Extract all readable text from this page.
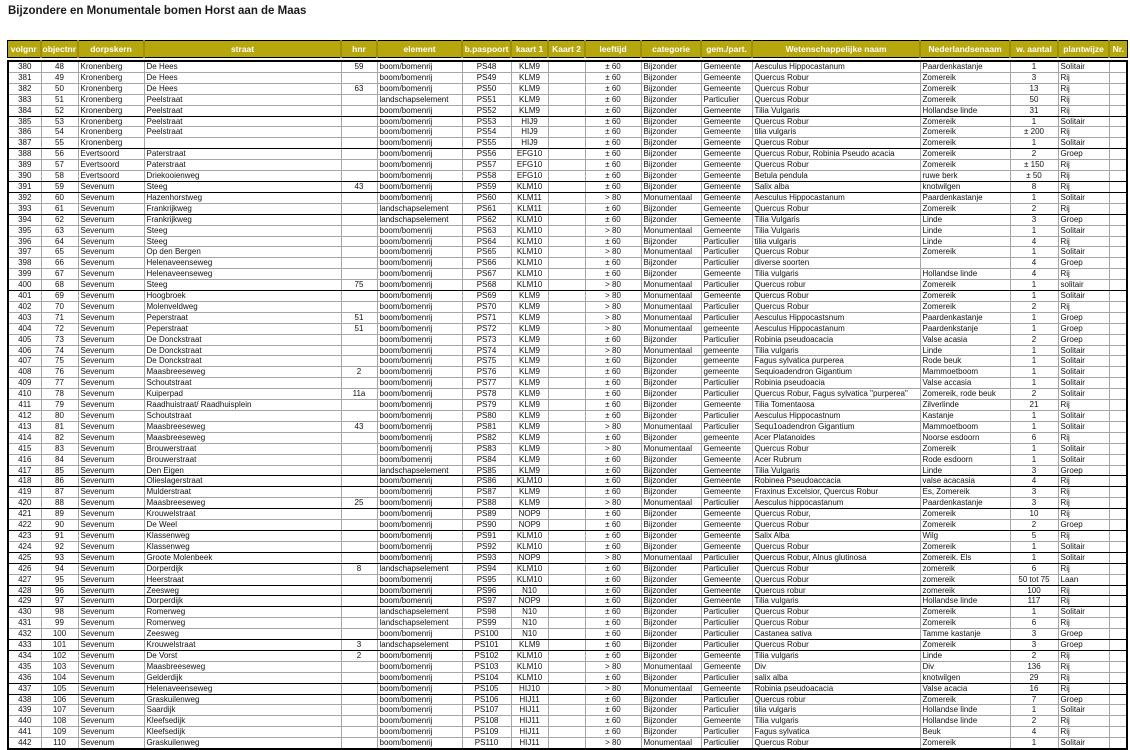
Bijzondere en Monumentale bomen Horst aan de Maas
volgnr	objectnr	dorpskern	straat	hnr	element	b.paspoort	kaart 1	Kaart 2	leeftijd	categorie	gem./part.	Wetenschappelijke naam	Nederlandsenaam	w. aantal	plantwijze	Nr.
380	48	Kronenberg	De Hees	59	boom/bomenrij	PS48	KLM9		± 60	Bijzonder	Gemeente	Aesculus Hippocastanum	Paardenkastanje	1	Solitair	
381	49	Kronenberg	De Hees		boom/bomenrij	PS49	KLM9		± 60	Bijzonder	Gemeente	Quercus Robur	Zomereik	3	Rij	
382	50	Kronenberg	De Hees	63	boom/bomenrij	PS50	KLM9		± 60	Bijzonder	Gemeente	Quercus Robur	Zomereik	13	Rij	
383	51	Kronenberg	Peelstraat		landschapselement	PS51	KLM9		± 60	Bijzonder	Particulier	Quercus Robur	Zomereik	50	Rij	
384	52	Kronenberg	Peelstraat		boom/bomenrij	PS52	KLM9		± 60	Bijzonder	Gemeente	Tilia Vulgaris	Hollandse linde	31	Rij	
385	53	Kronenberg	Peelstraat		boom/bomenrij	PS53	HIJ9		± 60	Bijzonder	Gemeente	Quercus Robur	Zomereik	1	Solitair	
386	54	Kronenberg	Peelstraat		boom/bomenrij	PS54	HIJ9		± 60	Bijzonder	Gemeente	tilia vulgaris	Zomereik	± 200	Rij	
387	55	Kronenberg			boom/bomenrij	PS55	HIJ9		± 60	Bijzonder	Gemeente	Quercus Robur	Zomereik	1	Solitair	
388	56	Evertsoord	Paterstraat		boom/bomenrij	PS56	EFG10		± 60	Bijzonder	Gemeente	Quercus Robur, Robinia Pseudo acacia	Zomereik	2	Groep	
389	57	Evertsoord	Paterstraat		boom/bomenrij	PS57	EFG10		± 60	Bijzonder	Gemeente	Quercus Robur	Zomereik	± 150	Rij	
390	58	Evertsoord	Driekooienweg		boom/bomenrij	PS58	EFG10		± 60	Bijzonder	Gemeente	Betula pendula	ruwe berk	± 50	Rij	
391	59	Sevenum	Steeg	43	boom/bomenrij	PS59	KLM10		± 60	Bijzonder	Gemeente	Salix alba	knotwilgen	8	Rij	
392	60	Sevenum	Hazenhorstweg		boom/bomenrij	PS60	KLM11		> 80	Monumentaal	Gemeente	Aesculus Hippocastanum	Paardenkastanje	1	Solitair	
393	61	Sevenum	Frankrijkweg		landschapselement	PS61	KLM11		± 60	Bijzonder	Gemeente	Quercus Robur	Zomereik	2	Rij	
394	62	Sevenum	Frankrijkweg		landschapselement	PS62	KLM10		± 60	Bijzonder	Gemeente	Tilia Vulgaris	Linde	3	Groep	
395	63	Sevenum	Steeg		boom/bomenrij	PS63	KLM10		> 80	Monumentaal	Gemeente	Tilia Vulgaris	Linde	1	Solitair	
396	64	Sevenum	Steeg		boom/bomenrij	PS64	KLM10		± 60	Bijzonder	Particulier	tilia vulgaris	Linde	4	Rij	
397	65	Sevenum	Op den Bergen		boom/bomenrij	PS65	KLM10		> 80	Monumentaal	Particulier	Quercus Robur	Zomereik	1	Solitair	
398	66	Sevenum	Helenaveenseweg		boom/bomenrij	PS66	KLM10		± 60	Bijzonder	Particulier	diverse soorten		4	Groep	
399	67	Sevenum	Helenaveenseweg		boom/bomenrij	PS67	KLM10		± 60	Bijzonder	Gemeente	Tilia vulgaris	Hollandse linde	4	Rij	
400	68	Sevenum	Steeg	75	boom/bomenrij	PS68	KLM10		> 80	Monumentaal	Particulier	Quercus robur	Zomereik	1	solitair	
401	69	Sevenum	Hoogbroek		boom/bomenrij	PS69	KLM9		> 80	Monumentaal	Gemeente	Quercus Robur	Zomereik	1	Solitair	
402	70	Sevenum	Molenveldweg		boom/bomenrij	PS70	KLM9		> 80	Monumentaal	Particulier	Quercus Robur	Zomereik	2	Rij	
403	71	Sevenum	Peperstraat	51	boom/bomenrij	PS71	KLM9		> 80	Monumentaal	Particulier	Aesculus Hippocastsnum	Paardenkastanje	1	Groep	
404	72	Sevenum	Peperstraat	51	boom/bomenrij	PS72	KLM9		> 80	Monumentaal	gemeente	Aesculus Hippocastanum	Paardenkstanje	1	Groep	
405	73	Sevenum	De Donckstraat		boom/bomenrij	PS73	KLM9		± 60	Bijzonder	Particulier	Robinia pseudoacacia	Valse acasia	2	Groep	
406	74	Sevenum	De Donckstraat		boom/bomenrij	PS74	KLM9		> 80	Monumentaal	gemeente	Tilia vulgaris	Linde	1	Solitair	
407	75	Sevenum	De Donckstraat		boom/bomenrij	PS75	KLM9		± 60	Bijzonder	gemeente	Fagus sylvatica purperea	Rode beuk	1	Solitair	
408	76	Sevenum	Maasbreeseweg	2	boom/bomenrij	PS76	KLM9		± 60	Bijzonder	gemeente	Sequioadendron Gigantium	Mammoetboom	1	Solitair	
409	77	Sevenum	Schoutstraat		boom/bomenrij	PS77	KLM9		± 60	Bijzonder	Particulier	Robinia pseudoacia	Valse accasia	1	Solitair	
410	78	Sevenum	Kuiperpad	11a	boom/bomenrij	PS78	KLM9		± 60	Bijzonder	Particulier	Quercus Robur, Fagus sylvatica "purperea"	Zomereik, rode beuk	2	Solitair	
411	79	Sevenum	Raadhuistraat/ Raadhuisplein		boom/bomenrij	PS79	KLM9		± 60	Bijzonder	Gemeente	Tilia Tomentaosa	Zilverlinde	21	Rij	
412	80	Sevenum	Schoutstraat		boom/bomenrij	PS80	KLM9		± 60	Bijzonder	Particulier	Aesculus Hippocastnum	Kastanje	1	Solitair	
413	81	Sevenum	Maasbreeseweg	43	boom/bomenrij	PS81	KLM9		> 80	Monumentaal	Particulier	Sequ1oadendron Gigantium	Mammoetboom	1	Solitair	
414	82	Sevenum	Maasbreeseweg		boom/bomenrij	PS82	KLM9		± 60	Bijzonder	gemeente	Acer Platanoides	Noorse esdoorn	6	Rij	
415	83	Sevenum	Brouwerstraat		boom/bomenrij	PS83	KLM9		> 80	Monumentaal	Gemeente	Quercus Robur	Zomereik	1	Solitair	
416	84	Sevenum	Brouwerstraat		boom/bomenrij	PS84	KLM9		± 60	Bijzonder	Gemeente	Acer Rubrum	Rode esdoorn	1	Solitair	
417	85	Sevenum	Den Eigen		landschapselement	PS85	KLM9		± 60	Bijzonder	Gemeente	Tilia Vulgaris	Linde	3	Groep	
418	86	Sevenum	Olieslagerstraat		boom/bomenrij	PS86	KLM10		± 60	Bijzonder	Gemeente	Robinea Pseudoaccacia	valse acacasia	4	Rij	
419	87	Sevenum	Mulderstraat		boom/bomenrij	PS87	KLM9		± 60	Bijzonder	Gemeente	Fraxinus Excelsior, Quercus Robur	Es, Zomereik	3	Rij	
420	88	Sevenum	Maasbreeseweg	25	boom/bomenrij	PS88	KLM9		> 80	Monumentaal	Particulier	Aesculus hippocastanum	Paardenkastanje	3	Rij	
421	89	Sevenum	Krouwelstraat		boom/bomenrij	PS89	NOP9		± 60	Bijzonder	Gemeente	Quercus Robur,	Zomereik	10	Rij	
422	90	Sevenum	De Weel		boom/bomenrij	PS90	NOP9		± 60	Bijzonder	Gemeente	Quercus Robur	Zomereik	2	Groep	
423	91	Sevenum	Klassenweg		boom/bomenrij	PS91	KLM10		± 60	Bijzonder	Gemeente	Salix Alba	Wilg	5	Rij	
424	92	Sevenum	Klassenweg		boom/bomenrij	PS92	KLM10		± 60	Bijzonder	Gemeente	Quercus Robur	Zomereik	1	Solitair	
425	93	Sevenum	Groote Molenbeek		boom/bomenrij	PS93	NOP9		> 80	Monumentaal	Particulier	Quercus Robur, Alnus glutinosa	Zomereik. Els	1	Solitair	
426	94	Sevenum	Dorperdijk	8	landschapselement	PS94	KLM10		± 60	Bijzonder	Particulier	Quercus Robur	zomereik	6	Rij	
427	95	Sevenum	Heerstraat		boom/bomenrij	PS95	KLM10		± 60	Bijzonder	Gemeente	Quercus Robur	zomereik	50 tot 75	Laan	
428	96	Sevenum	Zeesweg		boom/bomenrij	PS96	N10		± 60	Bijzonder	Gemeente	Quercus robur	zomereik	100	Rij	
429	97	Sevenum	Dorperdijk		boom/bomenrij	PS97	NOP9		± 60	Bijzonder	Gemeente	Tilia vulgaris	Hollandse linde	117	Rij	
430	98	Sevenum	Romerweg		landschapselement	PS98	N10		± 60	Bijzonder	Particulier	Quercus Robur	Zomereik	1	Solitair	
431	99	Sevenum	Romerweg		landschapselement	PS99	N10		± 60	Bijzonder	Particulier	Quercus Robur	Zomereik	6	Rij	
432	100	Sevenum	Zeesweg		boom/bomenrij	PS100	N10		± 60	Bijzonder	Particulier	Castanea sativa	Tamme kastanje	3	Groep	
433	101	Sevenum	Krouwelstraat	3	landschapselement	PS101	KLM9		± 60	Bijzonder	Particulier	Quercus Robur	Zomereik	3	Groep	
434	102	Sevenum	De Vorst	2	boom/bomenrij	PS102	KLM10		± 60	Bijzonder	Gemeente	Tilia vulgaris	Linde	2	Rij	
435	103	Sevenum	Maasbreeseweg		boom/bomenrij	PS103	KLM10		> 80	Monumentaal	Gemeente	Div	Div	136	Rij	
436	104	Sevenum	Gelderdijk		boom/bomenrij	PS104	KLM10		± 60	Bijzonder	Particulier	salix alba	knotwilgen	29	Rij	
437	105	Sevenum	Helenaveenseweg		boom/bomenrij	PS105	HIJ10		> 80	Monumentaal	Gemeente	Robinia pseudoacacia	Valse acacia	16	Rij	
438	106	Sevenum	Graskuilenweg		boom/bomenrij	PS106	HIJ11		± 60	Bijzonder	Particulier	Quercus robur	Zomereik	7	Groep	
439	107	Sevenum	Saardijk		boom/bomenrij	PS107	HIJ11		± 60	Bijzonder	Particulier	tilia vulgaris	Hollandse linde	1	Solitair	
440	108	Sevenum	Kleefsedijk		boom/bomenrij	PS108	HIJ11		± 60	Bijzonder	Gemeente	Tilia vulgaris	Hollandse linde	2	Rij	
441	109	Sevenum	Kleefsedijk		boom/bomenrij	PS109	HIJ11		± 60	Bijzonder	Particulier	Fagus sylvatica	Beuk	4	Rij	
442	110	Sevenum	Graskuilenweg		boom/bomenrij	PS110	HIJ11		> 80	Monumentaal	Particulier	Quercus Robur	Zomereik	1	Solitair	
